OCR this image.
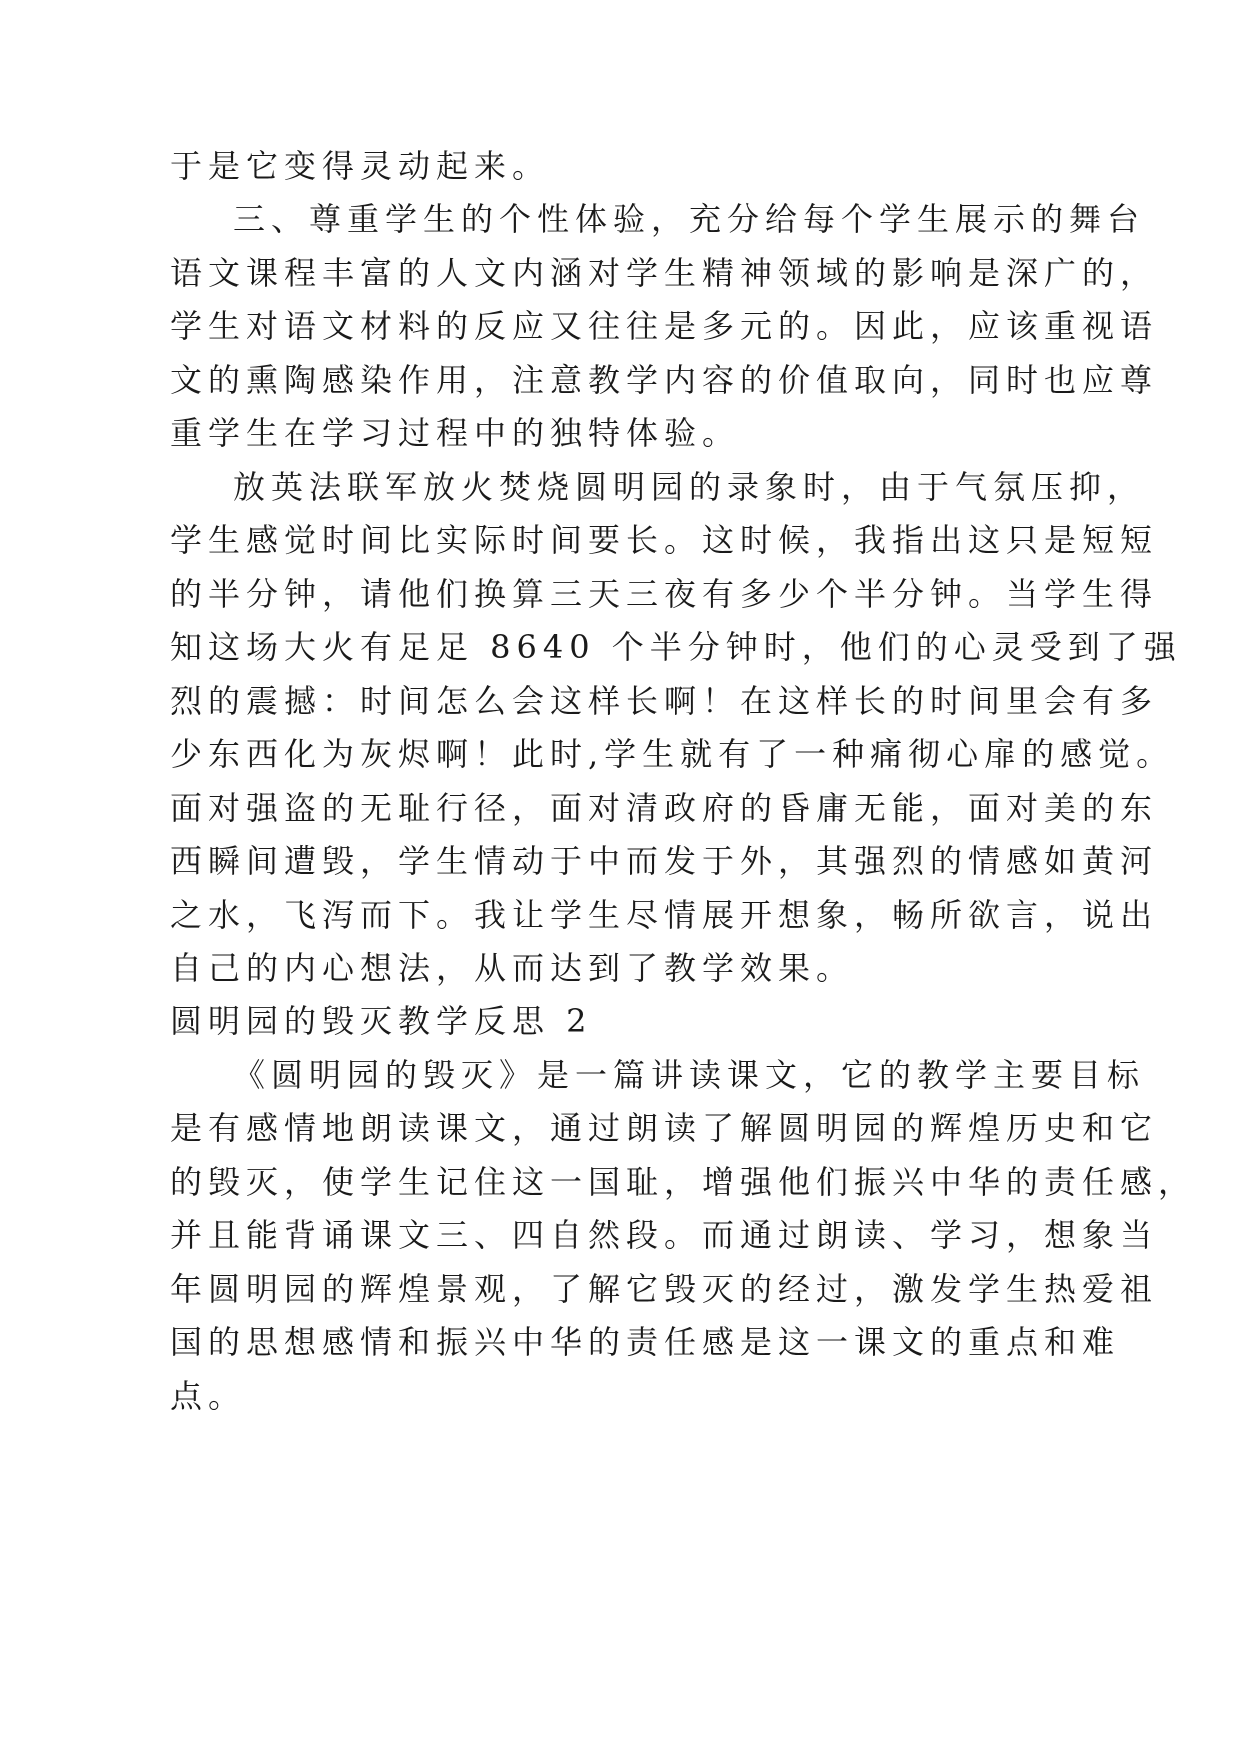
于是它变得灵动起来。
三、尊重学生的个性体验，充分给每个学生展示的舞台
语文课程丰富的人文内涵对学生精神领域的影响是深广的，
学生对语文材料的反应又往往是多元的。因此，应该重视语
文的熏陶感染作用，注意教学内容的价值取向，同时也应尊
重学生在学习过程中的独特体验。
放英法联军放火焚烧圆明园的录象时，由于气氛压抑，
学生感觉时间比实际时间要长。这时候，我指出这只是短短
的半分钟，请他们换算三天三夜有多少个半分钟。当学生得
知这场大火有足足 8640 个半分钟时，他们的心灵受到了强
烈的震撼：时间怎么会这样长啊！在这样长的时间里会有多
少东西化为灰烬啊！此时,学生就有了一种痛彻心扉的感觉。
面对强盗的无耻行径，面对清政府的昏庸无能，面对美的东
西瞬间遭毁，学生情动于中而发于外，其强烈的情感如黄河
之水，飞泻而下。我让学生尽情展开想象，畅所欲言，说出
自己的内心想法，从而达到了教学效果。
圆明园的毁灭教学反思 2
《圆明园的毁灭》是一篇讲读课文，它的教学主要目标
是有感情地朗读课文，通过朗读了解圆明园的辉煌历史和它
的毁灭，使学生记住这一国耻，增强他们振兴中华的责任感，
并且能背诵课文三、四自然段。而通过朗读、学习，想象当
年圆明园的辉煌景观，了解它毁灭的经过，激发学生热爱祖
国的思想感情和振兴中华的责任感是这一课文的重点和难
点。
